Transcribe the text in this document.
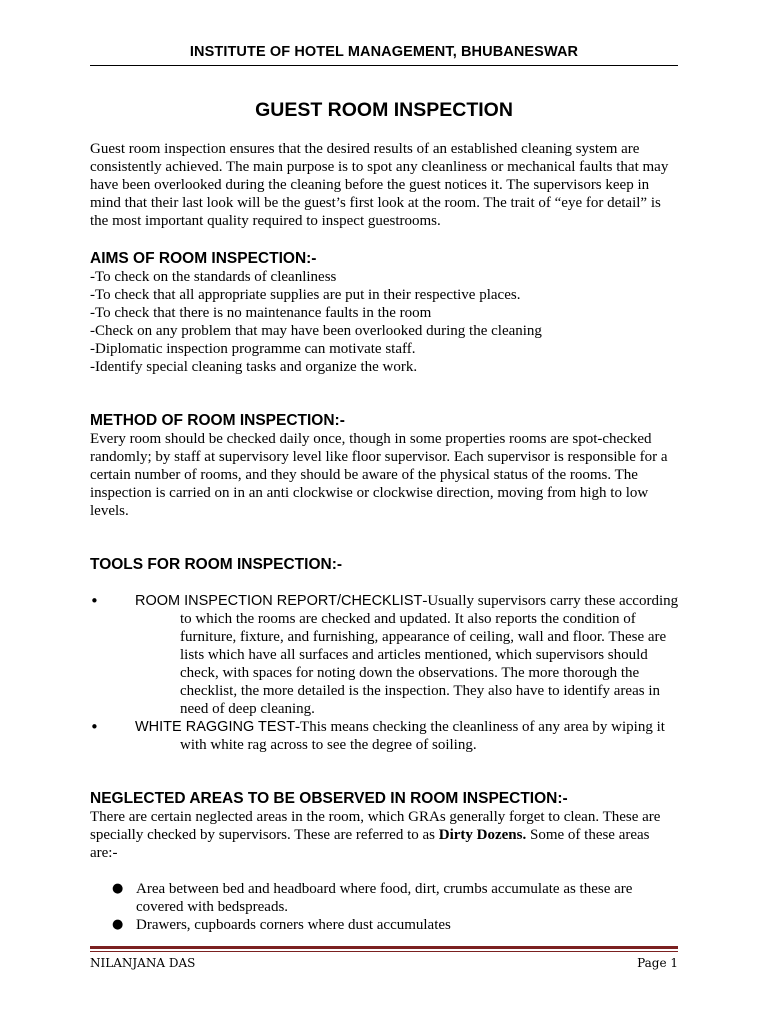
INSTITUTE OF HOTEL MANAGEMENT, BHUBANESWAR
GUEST ROOM INSPECTION

Guest room inspection ensures that the desired results of an established cleaning system are consistently achieved. The main purpose is to spot any cleanliness or mechanical faults that may have been overlooked during the cleaning before the guest notices it. The supervisors keep in mind that their last look will be the guest’s first look at the room. The trait of “eye for detail” is the most important quality required to inspect guestrooms.

AIMS OF ROOM INSPECTION:-
-To check on the standards of cleanliness
-To check that all appropriate supplies are put in their respective places.
-To check that there is no maintenance faults in the room
-Check on any problem that may have been overlooked during the cleaning
-Diplomatic inspection programme can motivate staff.
-Identify special cleaning tasks and organize the work.
METHOD OF ROOM INSPECTION:-

Every room should be checked daily once, though in some properties rooms are spot-checked randomly; by staff at supervisory level like floor supervisor. Each supervisor is responsible for a certain number of rooms, and they should be aware of the physical status of the rooms. The inspection is carried on in an anti clockwise or clockwise direction, moving from high to low levels.

TOOLS FOR ROOM INSPECTION:-
•	ROOM INSPECTION REPORT/CHECKLIST-Usually supervisors carry these according to which the rooms are checked and updated. It also reports the condition of furniture, fixture, and furnishing, appearance of ceiling, wall and floor. These are lists which have all surfaces and articles mentioned, which supervisors should check, with spaces for noting down the observations. The more thorough the checklist, the more detailed is the inspection. They also have to identify areas in need of deep cleaning.
•	WHITE RAGGING TEST-This means checking the cleanliness of any area by wiping it with white rag across to see the degree of soiling.
NEGLECTED AREAS TO BE OBSERVED IN ROOM INSPECTION:-

There are certain neglected areas in the room, which GRAs generally forget to clean. These are specially checked by supervisors. These are referred to as Dirty Dozens. Some of these areas are:-

● Area between bed and headboard where food, dirt, crumbs accumulate as these are covered with bedspreads.
● Drawers, cupboards corners where dust accumulates
NILANJANA DAS	Page 1
